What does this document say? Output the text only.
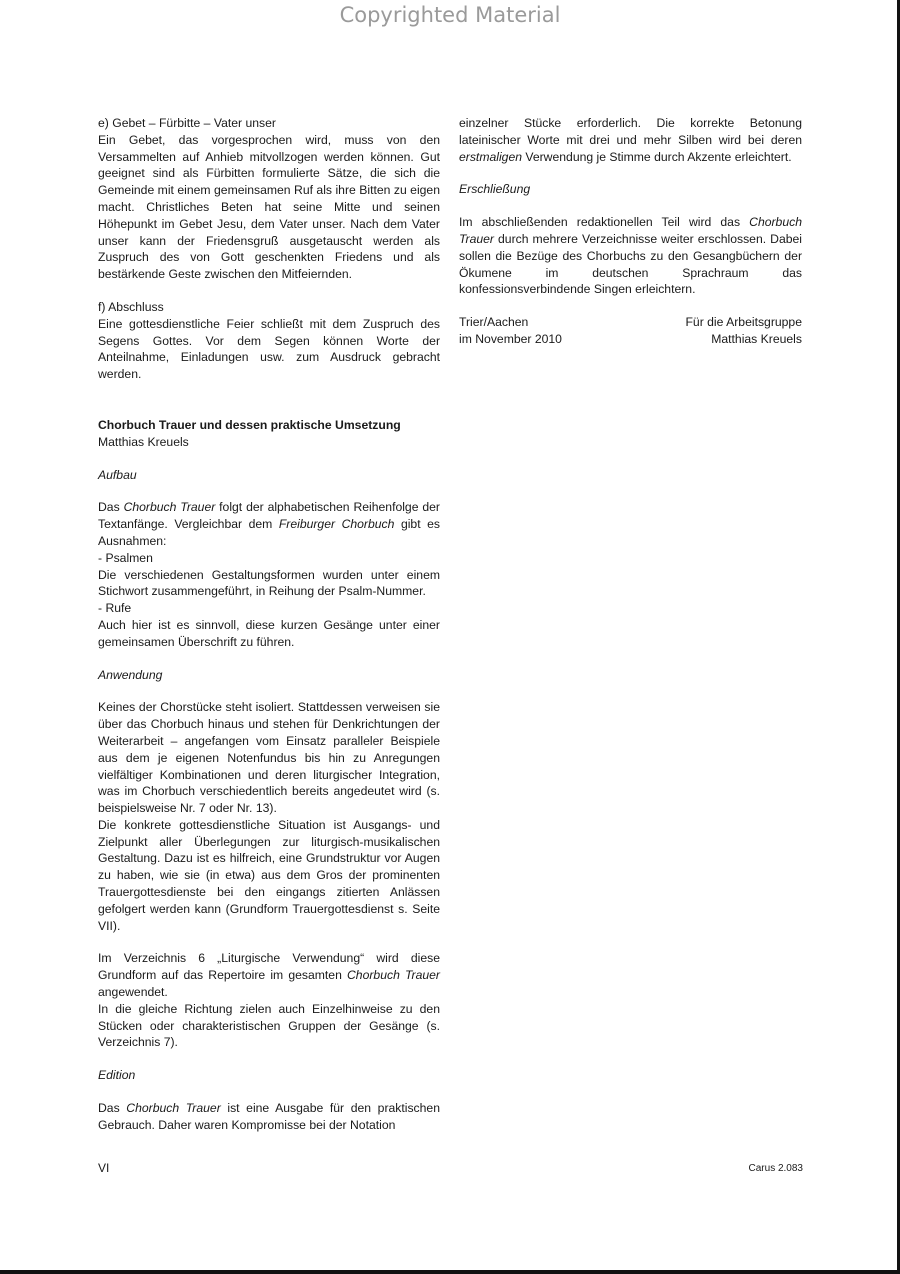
Copyrighted Material

e) Gebet – Fürbitte – Vater unser

Ein Gebet, das vorgesprochen wird, muss von den Versammelten auf Anhieb mitvollzogen werden können. Gut geeignet sind als Fürbitten formulierte Sätze, die sich die Gemeinde mit einem gemeinsamen Ruf als ihre Bitten zu eigen macht. Christliches Beten hat seine Mitte und seinen Höhepunkt im Gebet Jesu, dem Vater unser. Nach dem Vater unser kann der Friedensgruß ausgetauscht werden als Zuspruch des von Gott geschenkten Friedens und als bestärkende Geste zwischen den Mitfeiernden.

f) Abschluss

Eine gottesdienstliche Feier schließt mit dem Zuspruch des Segens Gottes. Vor dem Segen können Worte der Anteilnahme, Einladungen usw. zum Ausdruck gebracht werden.

Chorbuch Trauer und dessen praktische Umsetzung

Matthias Kreuels

Aufbau

Das Chorbuch Trauer folgt der alphabetischen Reihenfolge der Textanfänge. Vergleichbar dem Freiburger Chorbuch gibt es Ausnahmen:

- Psalmen

Die verschiedenen Gestaltungsformen wurden unter einem Stichwort zusammengeführt, in Reihung der Psalm-Nummer.

- Rufe

Auch hier ist es sinnvoll, diese kurzen Gesänge unter einer gemeinsamen Überschrift zu führen.

Anwendung

Keines der Chorstücke steht isoliert. Stattdessen verweisen sie über das Chorbuch hinaus und stehen für Denkrichtungen der Weiterarbeit – angefangen vom Einsatz paralleler Beispiele aus dem je eigenen Notenfundus bis hin zu Anregungen vielfältiger Kombinationen und deren liturgischer Integration, was im Chorbuch verschiedentlich bereits angedeutet wird (s. beispielsweise Nr. 7 oder Nr. 13).

Die konkrete gottesdienstliche Situation ist Ausgangs- und Zielpunkt aller Überlegungen zur liturgisch-musikalischen Gestaltung. Dazu ist es hilfreich, eine Grundstruktur vor Augen zu haben, wie sie (in etwa) aus dem Gros der prominenten Trauergottesdienste bei den eingangs zitierten Anlässen gefolgert werden kann (Grundform Trauergottesdienst s. Seite VII).

Im Verzeichnis 6 „Liturgische Verwendung“ wird diese Grundform auf das Repertoire im gesamten Chorbuch Trauer angewendet.

In die gleiche Richtung zielen auch Einzelhinweise zu den Stücken oder charakteristischen Gruppen der Gesänge (s. Verzeichnis 7).

Edition

Das Chorbuch Trauer ist eine Ausgabe für den praktischen Gebrauch. Daher waren Kompromisse bei der Notation

einzelner Stücke erforderlich. Die korrekte Betonung lateinischer Worte mit drei und mehr Silben wird bei deren erstmaligen Verwendung je Stimme durch Akzente erleichtert.

Erschließung

Im abschließenden redaktionellen Teil wird das Chorbuch Trauer durch mehrere Verzeichnisse weiter erschlossen. Dabei sollen die Bezüge des Chorbuchs zu den Gesangbüchern der Ökumene im deutschen Sprachraum das konfessionsverbindende Singen erleichtern.

Trier/Aachen
im November 2010
Für die Arbeitsgruppe
Matthias Kreuels
VI	Carus 2.083
